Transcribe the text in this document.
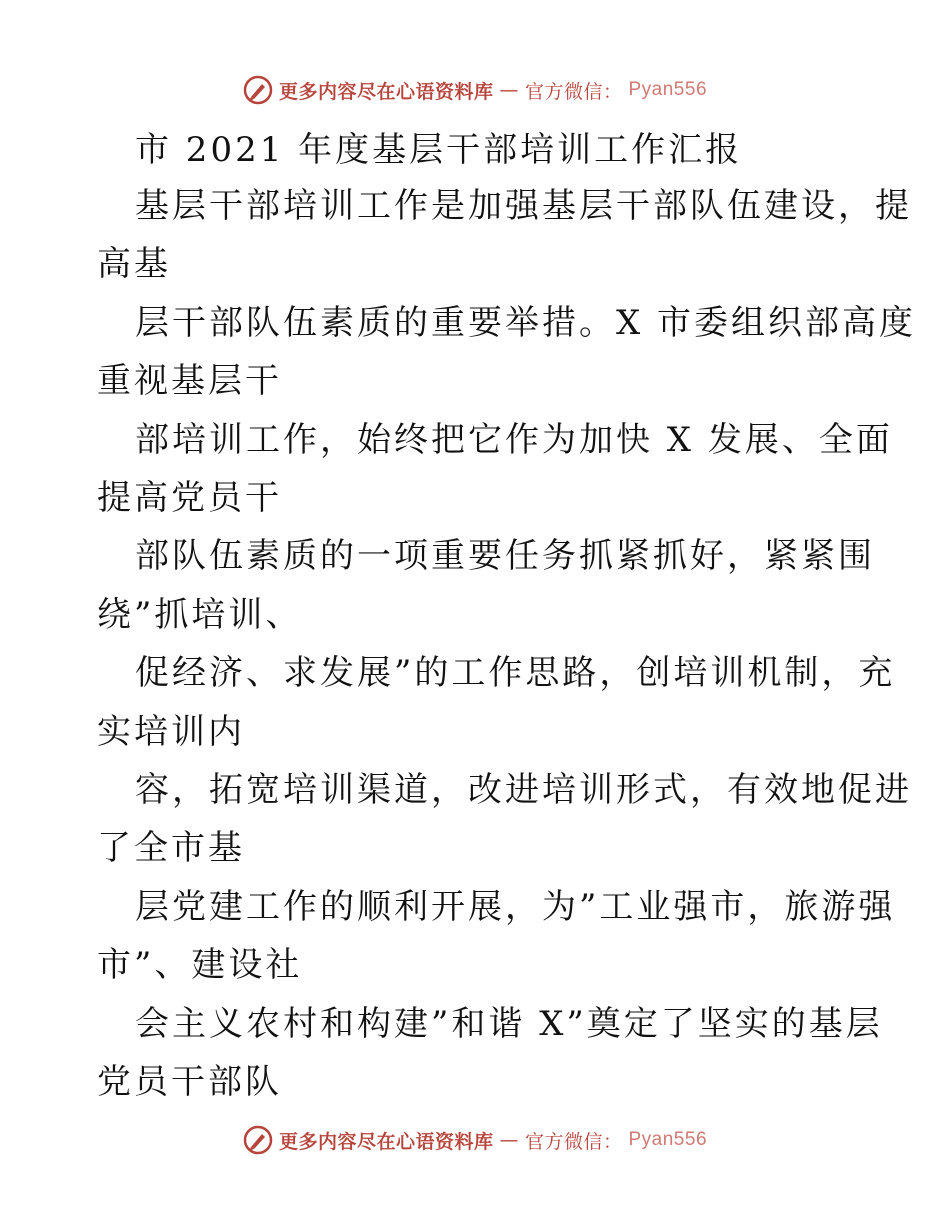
更多内容尽在心语资料库 — 官方微信： Pyan556
市 2021 年度基层干部培训工作汇报
基层干部培训工作是加强基层干部队伍建设，提
高基
层干部队伍素质的重要举措。X 市委组织部高度
重视基层干
部培训工作，始终把它作为加快 X 发展、全面
提高党员干
部队伍素质的一项重要任务抓紧抓好，紧紧围
绕”抓培训、
促经济、求发展”的工作思路，创培训机制，充
实培训内
容，拓宽培训渠道，改进培训形式，有效地促进
了全市基
层党建工作的顺利开展，为”工业强市，旅游强
市”、建设社
会主义农村和构建”和谐 X”奠定了坚实的基层
党员干部队
更多内容尽在心语资料库 — 官方微信： Pyan556
